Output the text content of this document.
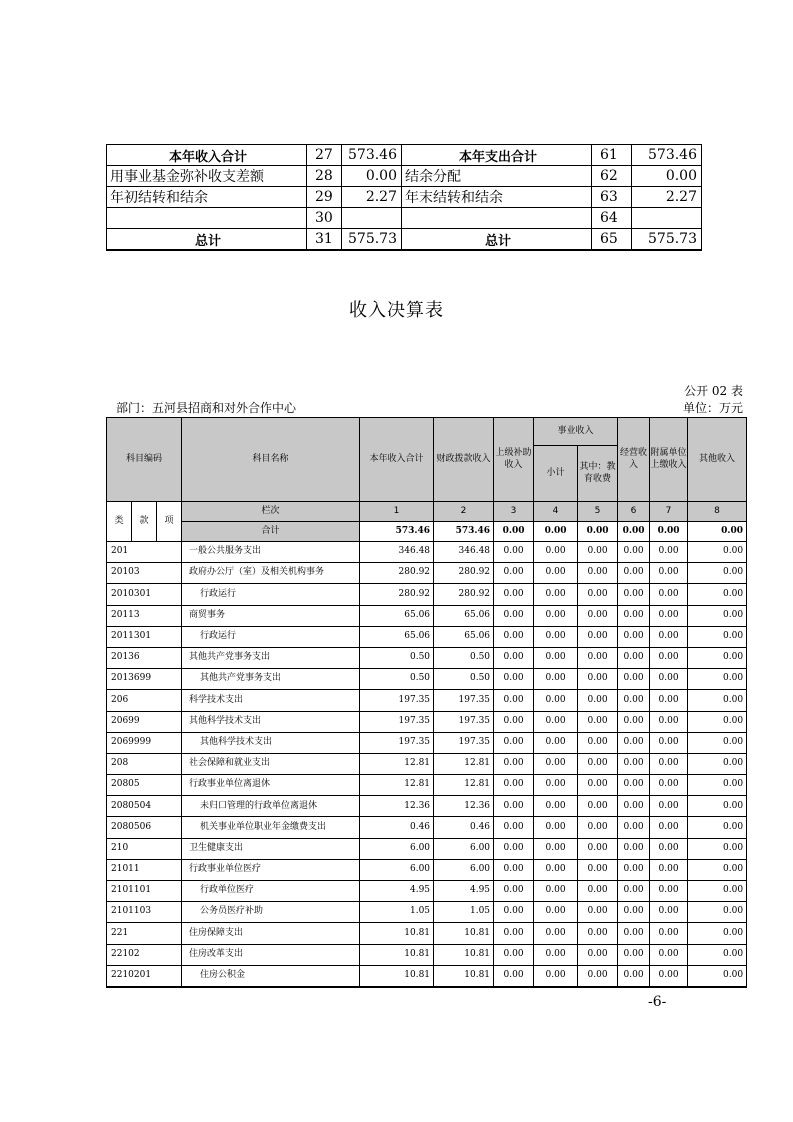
本年收入合计	27	573.46	本年支出合计	61	573.46
用事业基金弥补收支差额	28	0.00	结余分配	62	0.00
年初结转和结余	29	2.27	年末结转和结余	63	2.27
	30			64	
总计	31	575.73	总计	65	575.73
收入决算表
公开 02 表
部门：五河县招商和对外合作中心	单位：万元
科目编码			科目名称	本年收入合计	财政拨款收入	上级补助收入	事业收入		经营收入	附属单位上缴收入	其他收入
							小计	其中：教育收费			
类	款	项	栏次	1	2	3	4	5	6	7	8
			合计	573.46	573.46	0.00	0.00	0.00	0.00	0.00	0.00
201			一般公共服务支出	346.48	346.48	0.00	0.00	0.00	0.00	0.00	0.00
20103			政府办公厅（室）及相关机构事务	280.92	280.92	0.00	0.00	0.00	0.00	0.00	0.00
2010301			行政运行	280.92	280.92	0.00	0.00	0.00	0.00	0.00	0.00
20113			商贸事务	65.06	65.06	0.00	0.00	0.00	0.00	0.00	0.00
2011301			行政运行	65.06	65.06	0.00	0.00	0.00	0.00	0.00	0.00
20136			其他共产党事务支出	0.50	0.50	0.00	0.00	0.00	0.00	0.00	0.00
2013699			其他共产党事务支出	0.50	0.50	0.00	0.00	0.00	0.00	0.00	0.00
206			科学技术支出	197.35	197.35	0.00	0.00	0.00	0.00	0.00	0.00
20699			其他科学技术支出	197.35	197.35	0.00	0.00	0.00	0.00	0.00	0.00
2069999			其他科学技术支出	197.35	197.35	0.00	0.00	0.00	0.00	0.00	0.00
208			社会保障和就业支出	12.81	12.81	0.00	0.00	0.00	0.00	0.00	0.00
20805			行政事业单位离退休	12.81	12.81	0.00	0.00	0.00	0.00	0.00	0.00
2080504			未归口管理的行政单位离退休	12.36	12.36	0.00	0.00	0.00	0.00	0.00	0.00
2080506			机关事业单位职业年金缴费支出	0.46	0.46	0.00	0.00	0.00	0.00	0.00	0.00
210			卫生健康支出	6.00	6.00	0.00	0.00	0.00	0.00	0.00	0.00
21011			行政事业单位医疗	6.00	6.00	0.00	0.00	0.00	0.00	0.00	0.00
2101101			行政单位医疗	4.95	4.95	0.00	0.00	0.00	0.00	0.00	0.00
2101103			公务员医疗补助	1.05	1.05	0.00	0.00	0.00	0.00	0.00	0.00
221			住房保障支出	10.81	10.81	0.00	0.00	0.00	0.00	0.00	0.00
22102			住房改革支出	10.81	10.81	0.00	0.00	0.00	0.00	0.00	0.00
2210201			住房公积金	10.81	10.81	0.00	0.00	0.00	0.00	0.00	0.00
-6-
